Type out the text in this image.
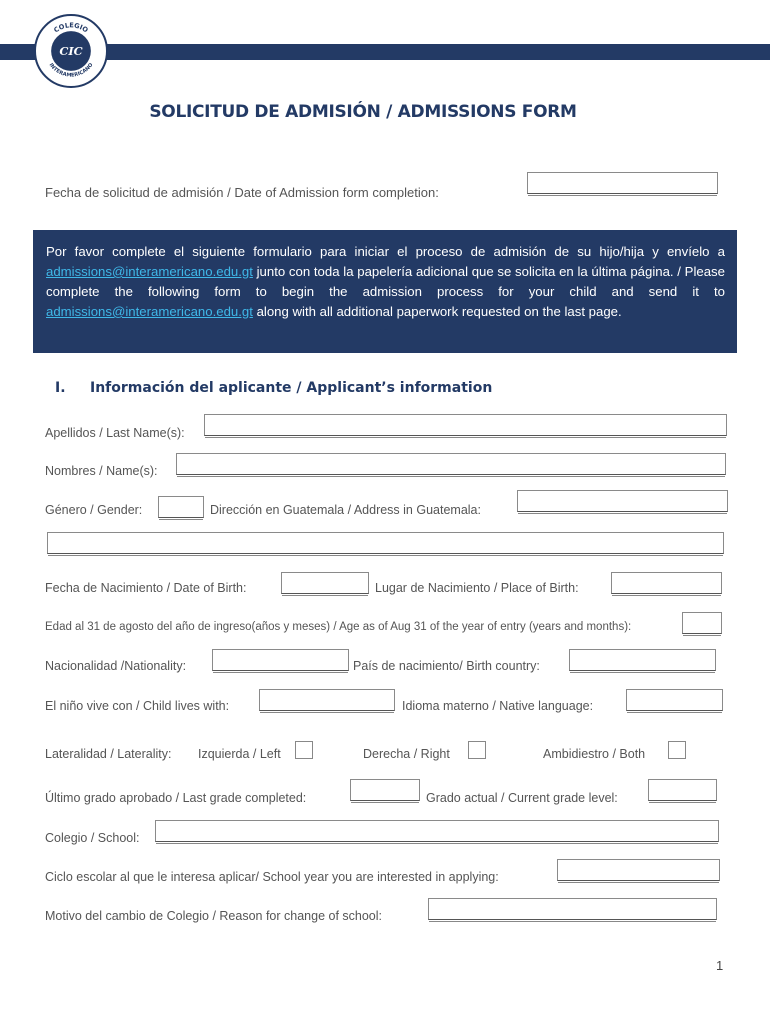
COLEGIO
INTERAMERICANO
CIC
SOLICITUD DE ADMISIÓN / ADMISSIONS FORM
Fecha de solicitud de admisión / Date of Admission form completion:
Por favor complete el siguiente formulario para iniciar el proceso de admisión de su hijo/hija y envíelo a admissions@interamericano.edu.gt junto con toda la papelería adicional que se solicita en la última página. / Please complete the following form to begin the admission process for your child and send it to admissions@interamericano.edu.gt along with all additional paperwork requested on the last page.
I. Información del aplicante / Applicant’s information
Apellidos / Last Name(s):
Nombres / Name(s):
Género / Gender:	Dirección en Guatemala / Address in Guatemala:
Fecha de Nacimiento / Date of Birth:	Lugar de Nacimiento / Place of Birth:
Edad al 31 de agosto del año de ingreso(años y meses) / Age as of Aug 31 of the year of entry (years and months):
Nacionalidad /Nationality:	País de nacimiento/ Birth country:
El niño vive con / Child lives with:	Idioma materno / Native language:
Lateralidad / Laterality: Izquierda / Left	Derecha / Right	Ambidiestro / Both
Último grado aprobado / Last grade completed:	Grado actual / Current grade level:
Colegio / School:
Ciclo escolar al que le interesa aplicar/ School year you are interested in applying:
Motivo del cambio de Colegio / Reason for change of school:
1
